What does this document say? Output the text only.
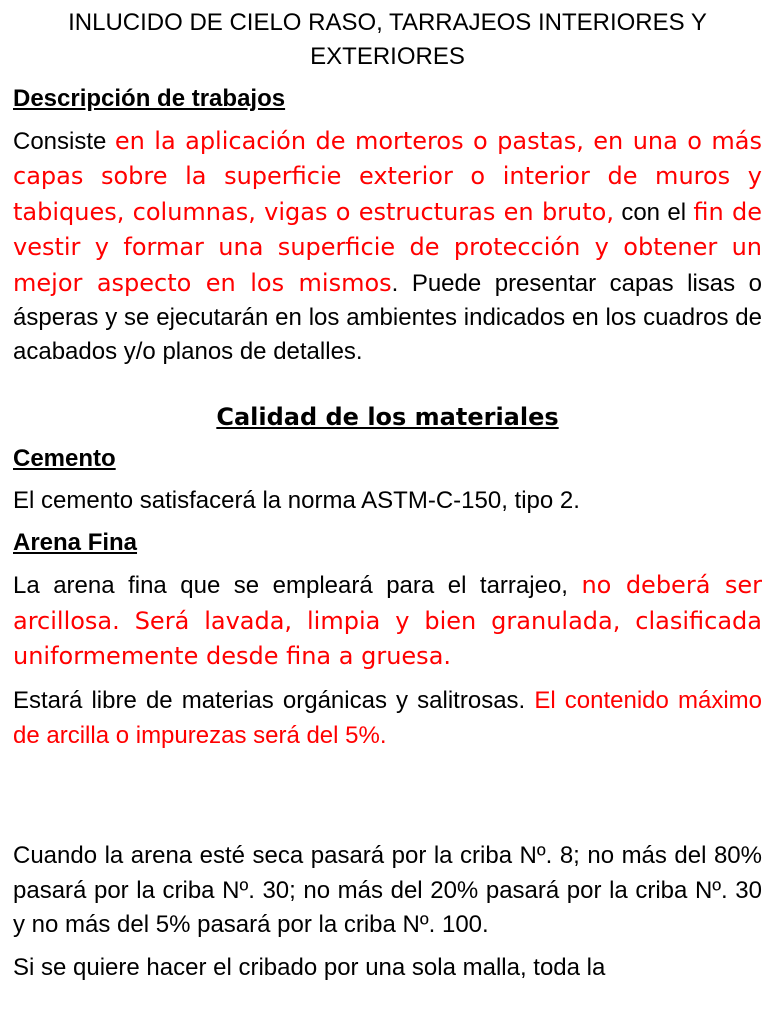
INLUCIDO DE CIELO RASO, TARRAJEOS INTERIORES Y EXTERIORES
Descripción de trabajos

Consiste en la aplicación de morteros o pastas, en una o más capas sobre la superficie exterior o interior de muros y tabiques, columnas, vigas o estructuras en bruto, con el fin de vestir y formar una superficie de protección y obtener un mejor aspecto en los mismos. Puede presentar capas lisas o ásperas y se ejecutarán en los ambientes indicados en los cuadros de acabados y/o planos de detalles.

Calidad de los materiales
Cemento

El cemento satisfacerá la norma ASTM-C-150, tipo 2.

Arena Fina

La arena fina que se empleará para el tarrajeo, no deberá ser arcillosa. Será lavada, limpia y bien granulada, clasificada uniformemente desde fina a gruesa.

Estará libre de materias orgánicas y salitrosas. El contenido máximo de arcilla o impurezas será del 5%.

Cuando la arena esté seca pasará por la criba Nº. 8; no más del 80% pasará por la criba Nº. 30; no más del 20% pasará por la criba Nº. 30 y no más del 5% pasará por la criba Nº. 100.

Si se quiere hacer el cribado por una sola malla, toda la
